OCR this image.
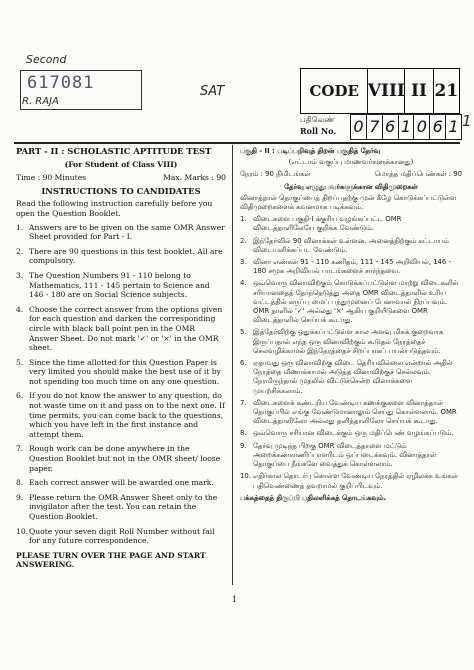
Second
617081
R. RAJA
SAT	CODE VIII II 21
பதிவெண்
Roll No. 0 7 6 1 0 6 1 1
PART - II : SCHOLASTIC APTITUDE TEST
(For Student of Class VIII)
Time : 90 Minutes	Max. Marks : 90
INSTRUCTIONS TO CANDIDATES
Read the following instruction carefully before you open the Question Booklet.
1. Answers are to be given on the same OMR Answer Sheet provided for Part - I.
2. There are 90 questions in this test booklet. All are compulsory.
3. The Question Numbers 91 - 110 belong to Mathematics, 111 - 145 pertain to Science and 146 - 180 are on Social Science subjects.
4. Choose the correct answer from the options given for each question and darken the corresponding circle with black ball point pen in the OMR Answer Sheet. Do not mark '✓' or '×' in the OMR sheet.
5. Since the time allotted for this Question Paper is very limited you should make the best use of it by not spending too much time on any one question.
6. If you do not know the answer to any question, do not waste time on it and pass on to the next one. If time permits, you can come back to the questions, which you have left in the first instance and attempt them.
7. Rough work can be done anywhere in the Question Booklet but not in the OMR sheet/ loose paper.
8. Each correct answer will be awarded one mark.
9. Please return the OMR Answer Sheet only to the invigilator after the test. You can retain the Question Booklet.
10. Quote your seven digit Roll Number without fail for any future correspondence.
PLEASE TURN OVER THE PAGE AND START ANSWERING.
பகுதி - II : படிப்பறிவுத் திறன் பகுதித் தேர்வு
(எட்டாம் வகுப்பு மாணவர்களுக்கானது)
நேரம் : 90 நிமிடங்கள்	மொத்த மதிப்பெண்கள் : 90
தேர்வு எழுதுபவர்களுக்கான விதிமுறைகள்
வினாத்தாள் தொகுப்பைத் திறப்பதற்கு முன் கீழே கொடுக்கப்பட்டுள்ள விதிமுறைகளைக் கவனமாக படிக்கவும்.
1. விடைகளை பகுதி-I க்குரிய வழங்கப்பட்ட OMR விடைத்தாளிலேயே குறிக்க வேண்டும்.
2. இந்தேர்வில் 90 வினாக்கள் உள்ளன. அனைத்திற்கும் கட்டாயம் விடையளிக்கப்பட வேண்டும்.
3. வினா எண்கள் 91 - 110 கணிதம், 111 - 145 அறிவியல், 146 - 180 சமூக அறிவியல் பாடங்களைச் சார்ந்தவை.
4. ஒவ்வொரு வினாவிற்கும் கொடுக்கப்பட்டுள்ள மாற்று விடைகளில் சரியானதைத் தேர்ந்தெடுத்து அதை OMR விடைத்தாளில் உரிய வட்டத்தில் கருப்பு மைப் பந்துமுனைப் பேனாவால் நிரப்பவும். OMR தாளில் '✓' அல்லது '×' ஆகிய குறியீடுகளை OMR விடைத்தாளில் செய்யக் கூடாது.
5. இத்தேர்விற்கு ஒதுக்கப்பட்டுள்ள கால அளவு மிகக் குறைவாக இருப்பதால் எந்த ஒரு வினாவிற்கும் கூடுதல் நேரத்தைச் செலவழிக்காமல் இந்நேரத்தைச் சிறப்பாகப் பயன்படுத்தவும்.
6. ஏதாவது ஒரு வினாவிற்கு விடை தெரியவில்லை என்றால் அதில் நேரத்தை வீணாக்காமல் அடுத்த வினாவிற்குச் செல்லவும். நேரமிருந்தால் முதலில் விட்டுச்சென்ற வினாக்களை முயற்சிக்கலாம்.
7. விடைகளைக் கண்டறிய வேண்டிய கணக்குகளை வினாத்தாள் தொகுப்பில் எங்கு வேண்டுமானாலும் செய்து கொள்ளலாம். OMR விடைத்தாளிலோ அல்லது தனித்தாளிலோ செய்யக் கூடாது.
8. ஒவ்வொரு சரியான விடைக்கும் ஒரு மதிப்பெண் வழங்கப்படும்.
9. தேர்வு முடிந்த பிறகு OMR விடைத்தாளை மட்டும் அறைக்கண்காணிப்பாளரிடம் ஒப்படைக்கவும். வினாத்தாள் தொகுப்பை நீங்களே வைத்துக் கொள்ளலாம்.
10. எதிர்கால தொடர்பு கொள்ள வேண்டிய நேரத்தில் ஏழிலக்க உங்கள் பதிவெண்ணைத் தவறாமல் குறிப்பிடவும்.
பக்கத்தைத் திருப்பி பதிலளிக்கத் தொடங்கவும்.
1
